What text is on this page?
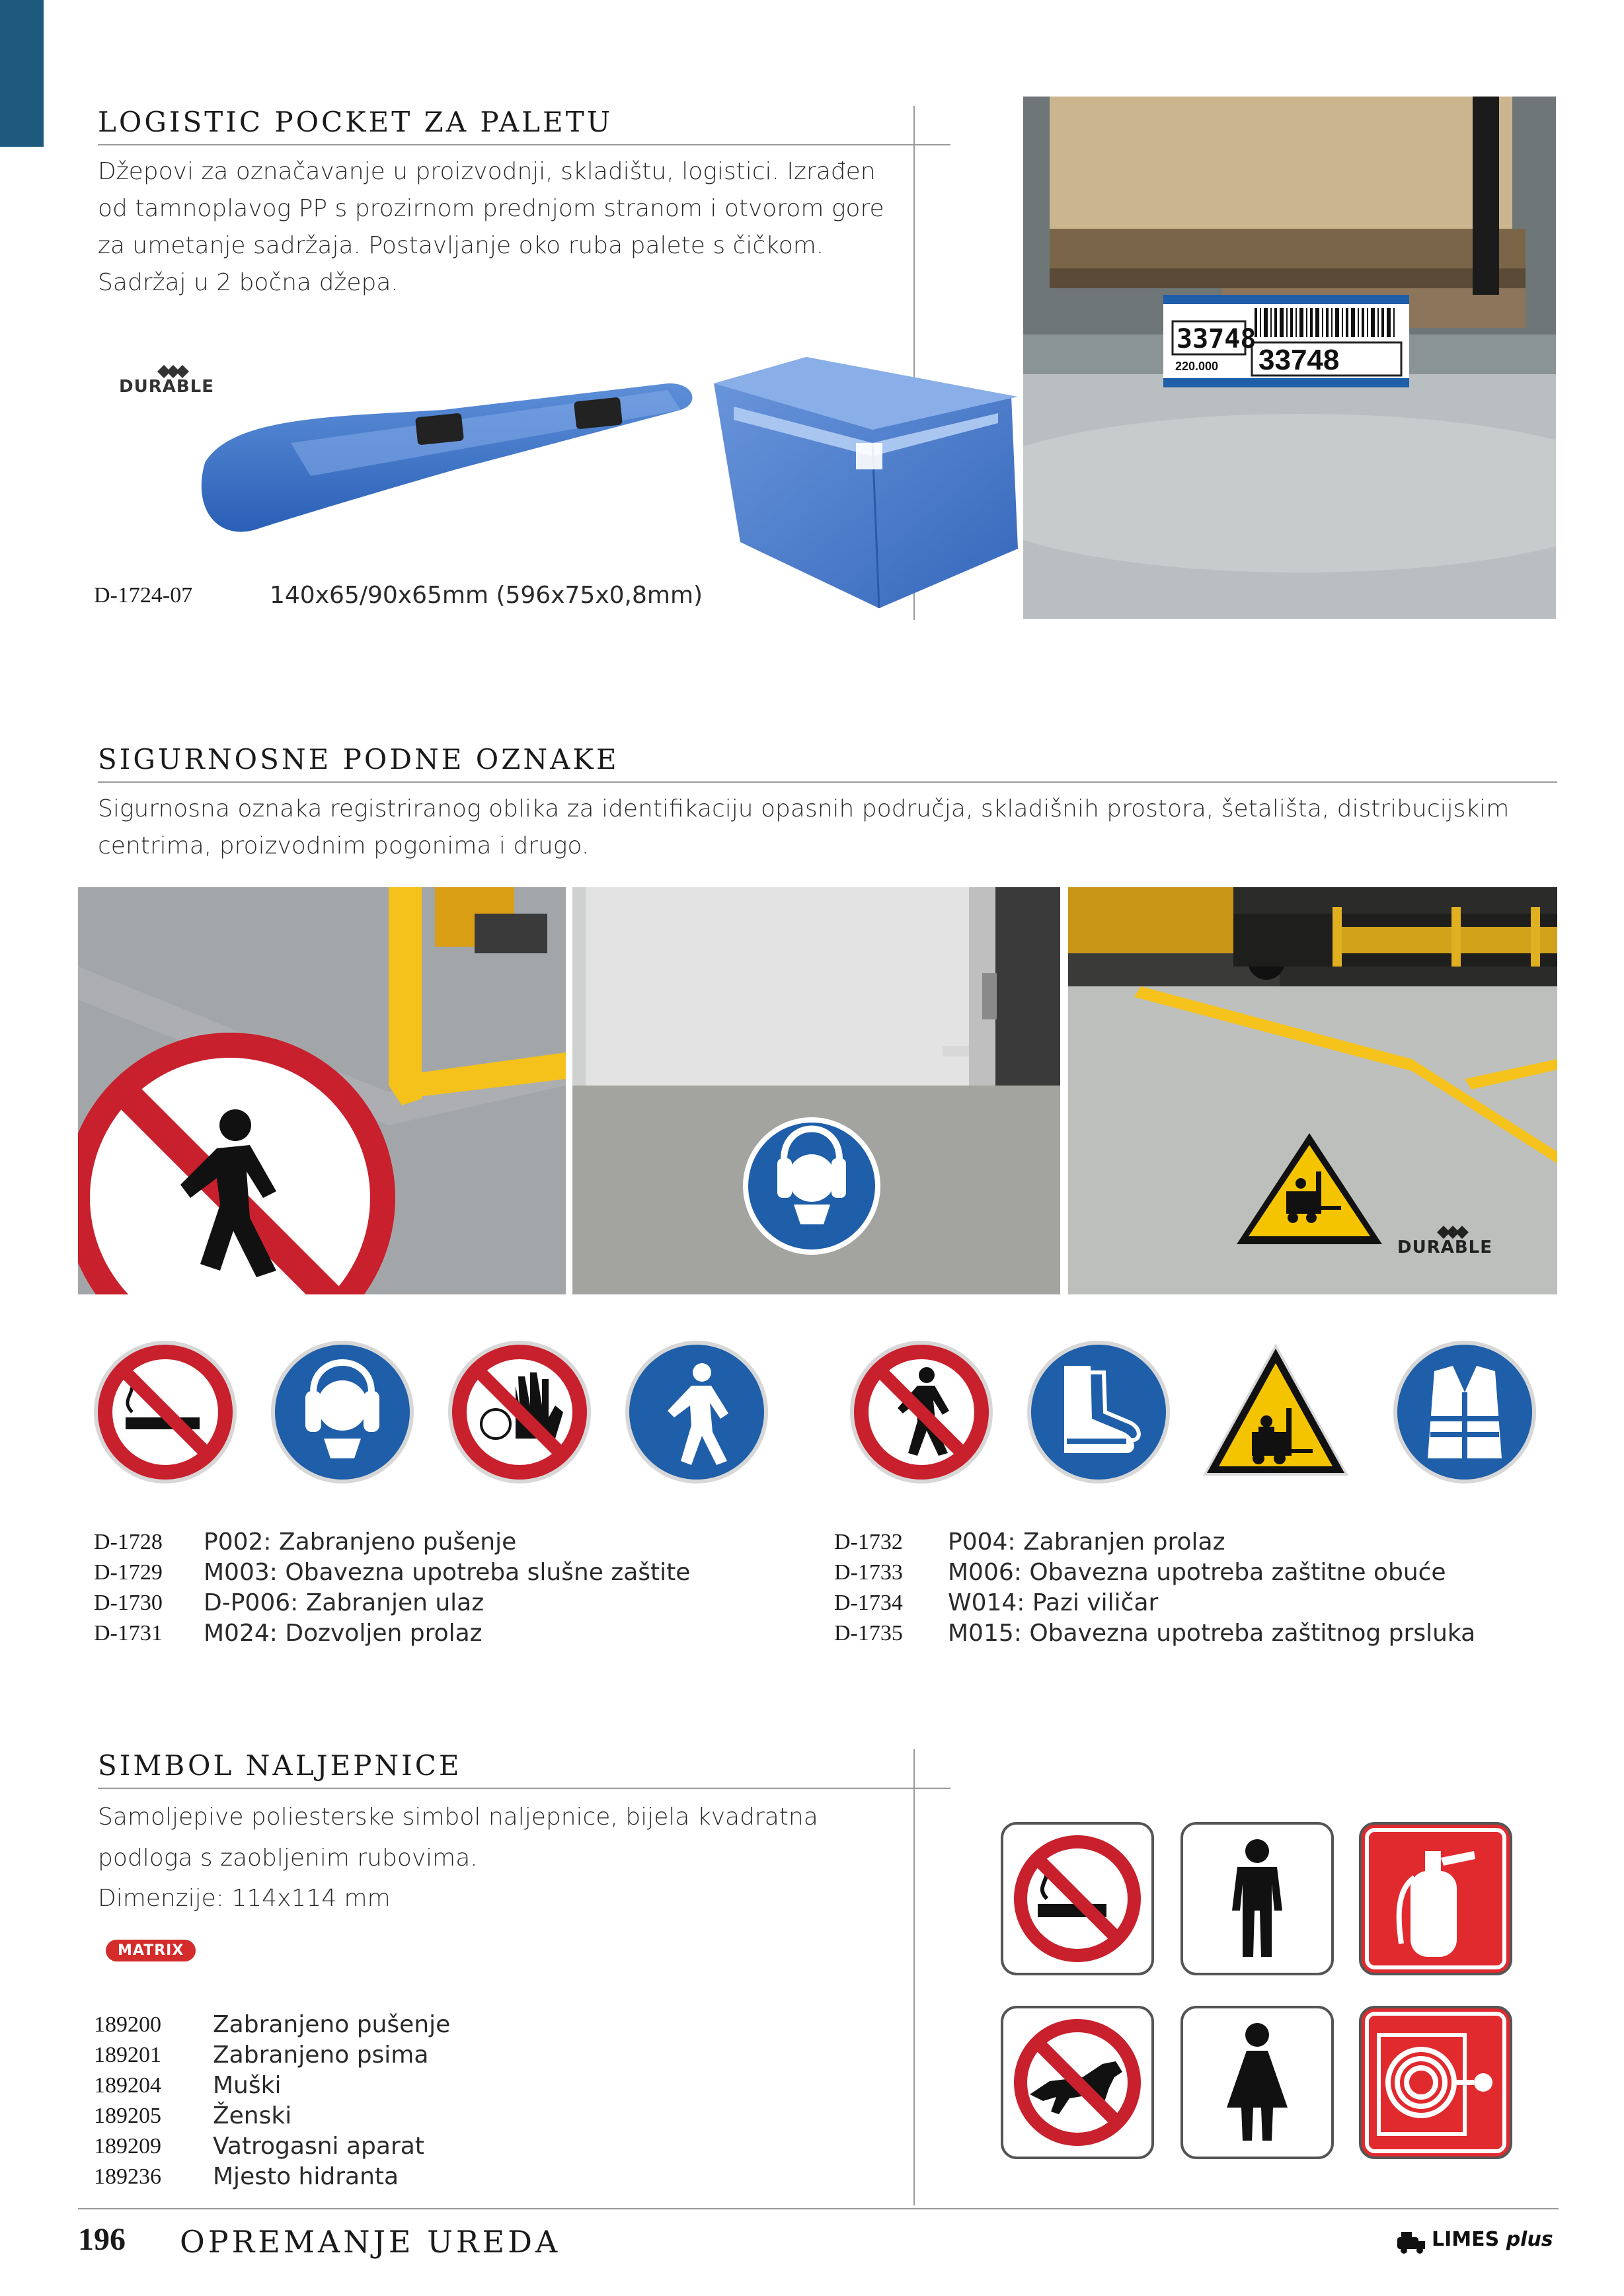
LOGISTIC POCKET ZA PALETU
Džepovi za označavanje u proizvodnji, skladištu, logistici. Izrađen od tamnoplavog PP s prozirnom prednjom stranom i otvorom gore za umetanje sadržaja. Postavljanje oko ruba palete s čičkom. Sadržaj u 2 bočna džepa.
DURABLE
33748
220.000 33748
D-1724-07	140x65/90x65mm (596x75x0,8mm)
SIGURNOSNE PODNE OZNAKE
Sigurnosna oznaka registriranog oblika za identifikaciju opasnih područja, skladišnih prostora, šetališta, distribucijskim centrima, proizvodnim pogonima i drugo.
DURABLE
D-1728 P002: Zabranjeno pušenje
D-1729 M003: Obavezna upotreba slušne zaštite
D-1730 D-P006: Zabranjen ulaz
D-1731 M024: Dozvoljen prolaz
D-1732 P004: Zabranjen prolaz
D-1733 M006: Obavezna upotreba zaštitne obuće
D-1734 W014: Pazi viličar
D-1735 M015: Obavezna upotreba zaštitnog prsluka
SIMBOL NALJEPNICE
Samoljepive poliesterske simbol naljepnice, bijela kvadratna podloga s zaobljenim rubovima.
Dimenzije: 114x114 mm
MATRIX
189200 Zabranjeno pušenje
189201 Zabranjeno psima
189204 Muški
189205 Ženski
189209 Vatrogasni aparat
189236 Mjesto hidranta
196 OPREMANJE UREDA	LIMES plus
